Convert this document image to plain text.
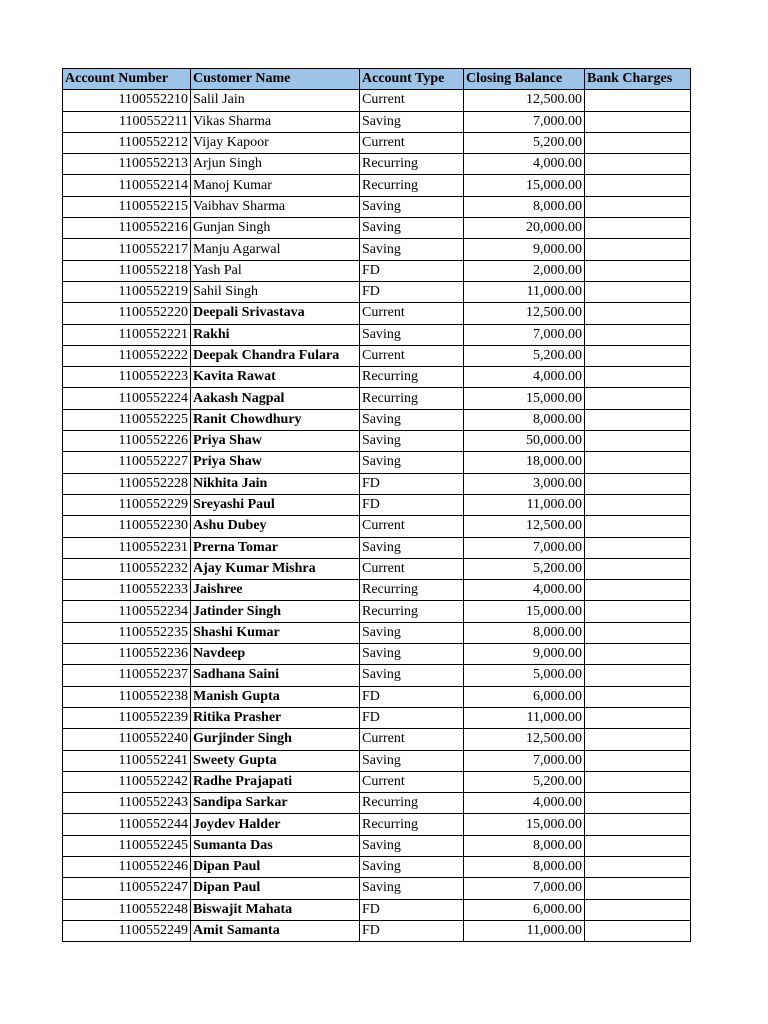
Account Number	Customer Name	Account Type	Closing Balance	Bank Charges
1100552210	Salil Jain	Current	12,500.00	
1100552211	Vikas Sharma	Saving	7,000.00	
1100552212	Vijay Kapoor	Current	5,200.00	
1100552213	Arjun Singh	Recurring	4,000.00	
1100552214	Manoj Kumar	Recurring	15,000.00	
1100552215	Vaibhav Sharma	Saving	8,000.00	
1100552216	Gunjan Singh	Saving	20,000.00	
1100552217	Manju Agarwal	Saving	9,000.00	
1100552218	Yash Pal	FD	2,000.00	
1100552219	Sahil Singh	FD	11,000.00	
1100552220	Deepali Srivastava	Current	12,500.00	
1100552221	Rakhi	Saving	7,000.00	
1100552222	Deepak Chandra Fulara	Current	5,200.00	
1100552223	Kavita Rawat	Recurring	4,000.00	
1100552224	Aakash Nagpal	Recurring	15,000.00	
1100552225	Ranit Chowdhury	Saving	8,000.00	
1100552226	Priya Shaw	Saving	50,000.00	
1100552227	Priya Shaw	Saving	18,000.00	
1100552228	Nikhita Jain	FD	3,000.00	
1100552229	Sreyashi Paul	FD	11,000.00	
1100552230	Ashu Dubey	Current	12,500.00	
1100552231	Prerna Tomar	Saving	7,000.00	
1100552232	Ajay Kumar Mishra	Current	5,200.00	
1100552233	Jaishree	Recurring	4,000.00	
1100552234	Jatinder Singh	Recurring	15,000.00	
1100552235	Shashi Kumar	Saving	8,000.00	
1100552236	Navdeep	Saving	9,000.00	
1100552237	Sadhana Saini	Saving	5,000.00	
1100552238	Manish Gupta	FD	6,000.00	
1100552239	Ritika Prasher	FD	11,000.00	
1100552240	Gurjinder Singh	Current	12,500.00	
1100552241	Sweety Gupta	Saving	7,000.00	
1100552242	Radhe Prajapati	Current	5,200.00	
1100552243	Sandipa Sarkar	Recurring	4,000.00	
1100552244	Joydev Halder	Recurring	15,000.00	
1100552245	Sumanta Das	Saving	8,000.00	
1100552246	Dipan Paul	Saving	8,000.00	
1100552247	Dipan Paul	Saving	7,000.00	
1100552248	Biswajit Mahata	FD	6,000.00	
1100552249	Amit Samanta	FD	11,000.00	
